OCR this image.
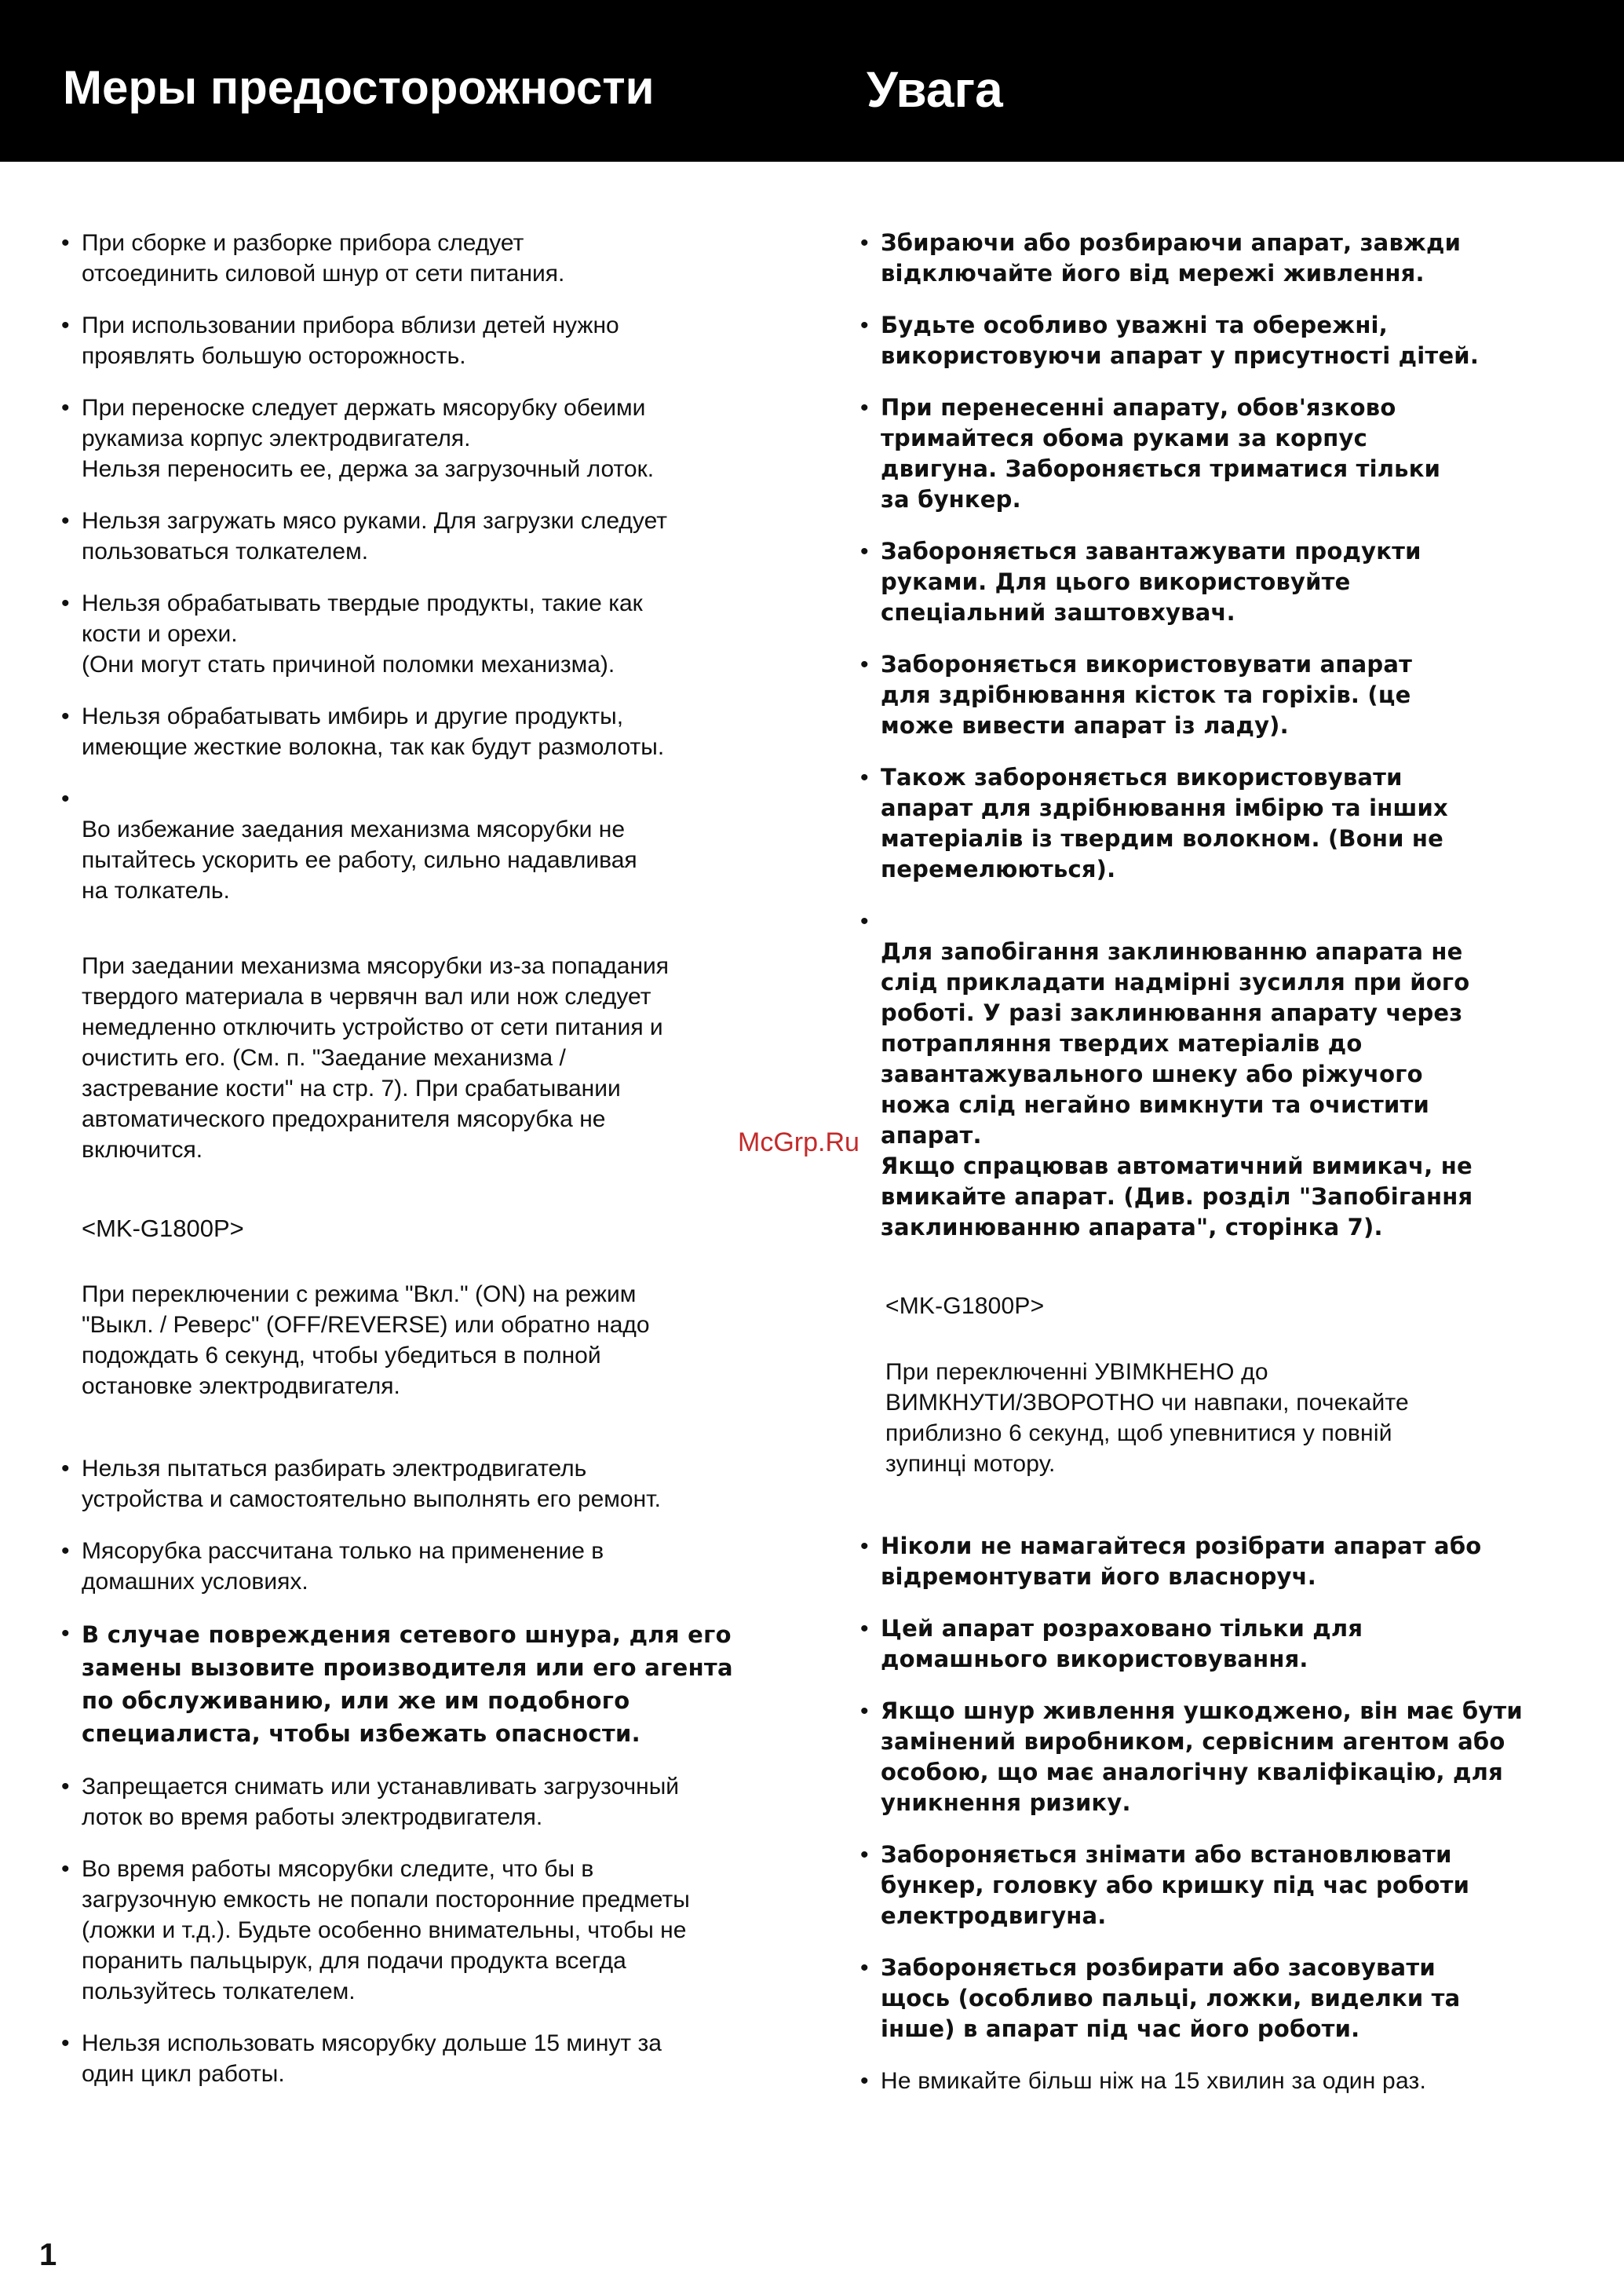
Меры предосторожности	Увага
• При сборке и разборке прибора следует
отсоединить силовой шнур от сети питания.

• При использовании прибора вблизи детей нужно
проявлять большую осторожность.

• При переноске следует держать мясорубку обеими
рукамиза корпус электродвигателя.
Нельзя переносить ее, держа за загрузочный лоток.

• Нельзя загружать мясо руками. Для загрузки следует
пользоваться толкателем.

• Нельзя обрабатывать твердые продукты, такие как
кости и орехи.
(Они могут стать причиной поломки механизма).

• Нельзя обрабатывать имбирь и другие продукты,
имеющие жесткие волокна, так как будут размолоты.

•

Во избежание заедания механизма мясорубки не
пытайтесь ускорить ее работу, сильно надавливая
на толкатель.

При заедании механизма мясорубки из-за попадания
твердого материала в червячн вал или нож следует
немедленно отключить устройство от сети питания и
очистить его. (См. п. "Заедание механизма /
застревание кости" на стр. 7). При срабатывании
автоматического предохранителя мясорубка не
включится.

<MK-G1800P>

При переключении с режима "Вкл." (ON) на режим
"Выкл. / Реверс" (OFF/REVERSE) или обратно надо
подождать 6 секунд, чтобы убедиться в полной
остановке электродвигателя.

• Нельзя пытаться разбирать электродвигатель
устройства и самостоятельно выполнять его ремонт.

• Мясорубка рассчитана только на применение в
домашних условиях.

• В случае повреждения сетевого шнура, для его
замены вызовите производителя или его агента
по обслуживанию, или же им подобного
специалиста, чтобы избежать опасности.

• Запрещается снимать или устанавливать загрузочный
лоток во время работы электродвигателя.

• Во время работы мясорубки следите, что бы в
загрузочную емкость не попали посторонние предметы
(ложки и т.д.). Будьте особенно внимательны, чтобы не
поранить пальцырук, для подачи продукта всегда
пользуйтесь толкателем.

• Нельзя использовать мясорубку дольше 15 минут за
один цикл работы.

• Збираючи або розбираючи апарат, завжди
відключайте його від мережі живлення.

• Будьте особливо уважні та обережні,
використовуючи апарат у присутності дітей.

• При перенесенні апарату, обов'язково
тримайтеся обома руками за корпус
двигуна. Забороняється триматися тільки
за бункер.

• Забороняється завантажувати продукти
руками. Для цього використовуйте
спеціальний заштовхувач.

• Забороняється використовувати апарат
для здрібнювання кісток та горіхів. (це
може вивести апарат із ладу).

• Також забороняється використовувати
апарат для здрібнювання імбірю та інших
матеріалів із твердим волокном. (Вони не
перемелюються).

•

Для запобігання заклинюванню апарата не
слід прикладати надмірні зусилля при його
роботі. У разі заклинювання апарату через
потрапляння твердих матеріалів до
завантажувального шнеку або ріжучого
ножа слід негайно вимкнути та очистити
апарат.
Якщо спрацював автоматичний вимикач, не
вмикайте апарат. (Див. розділ "Запобігання
заклинюванню апарата", сторінка 7).

<MK-G1800P>

При переключенні УВІМКНЕНО до
ВИМКНУТИ/ЗВОРОТНО чи навпаки, почекайте
приблизно 6 секунд, щоб упевнитися у повній
зупинці мотору.

• Ніколи не намагайтеся розібрати апарат або
відремонтувати його власноруч.

• Цей апарат розраховано тільки для
домашнього використовування.

• Якщо шнур живлення ушкоджено, він має бути
замінений виробником, сервісним агентом або
особою, що має аналогічну кваліфікацію, для
уникнення ризику.

• Забороняється знімати або встановлювати
бункер, головку або кришку під час роботи
електродвигуна.

• Забороняється розбирати або засовувати
щось (особливо пальці, ложки, виделки та
інше) в апарат під час його роботи.

• Не вмикайте більш ніж на 15 хвилин за один раз.

McGrp.Ru
1
